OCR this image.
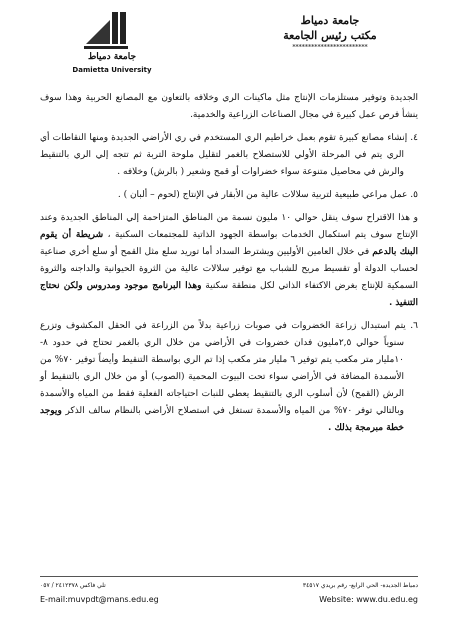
جامعة دمياط
Damietta University
جامعة دمياط
مكتب رئيس الجامعة
************************

الجديدة وتوفير مستلزمات الإنتاج مثل ماكينات الري وخلافه بالتعاون مع المصانع الحربية وهذا سوف ينشأ فرص عمل كبيرة في مجال الصناعات الزراعية والخدمية.

٤. إنشاء مصانع كبيرة تقوم بعمل خراطيم الري المستخدم في ري الأراضي الجديدة ومنها النقاطات أي الري يتم في المرحلة الأولي للاستصلاح بالغمر لتقليل ملوحة التربة ثم تتجه إلي الري بالتنقيط والرش في محاصيل متنوعة سواء خضراوات أو قمح وشعير ( بالرش) وخلافه .

٥. عمل مراعي طبيعية لتربية سلالات عالية من الأبقار في الإنتاج (لحوم – ألبان ) .

و هذا الاقتراح سوف ينقل حوالي ١٠ مليون نسمة من المناطق المتزاحمة إلي المناطق الجديدة وعند الإنتاج سوف يتم استكمال الخدمات بواسطة الجهود الذاتية للمجتمعات السكنية ، شريطة أن يقوم البنك بالدعم في خلال العامين الأوليين ويشترط السداد أما توريد سلع مثل القمح أو سلع أخري صناعية لحساب الدولة أو تقسيط مريح للشباب مع توفير سلالات عالية من الثروة الحيوانية والداجنه والثروة السمكية للإنتاج بغرض الاكتفاء الذاتي لكل منطقة سكنية وهذا البرنامج موجود ومدروس ولكن نحتاج التنفيذ .

٦. يتم استبدال زراعة الخضروات في صوبات زراعية بدلاً من الزراعة في الحقل المكشوف وتزرع سنوياً حوالي ٢,٥مليون فدان خضروات في الأراضي من خلال الري بالغمر تحتاج في حدود ٨- ١٠مليار متر مكعب يتم توفير ٦ مليار متر مكعب إذا تم الري بواسطة التنقيط وأيضاً توفير ٧٠% من الأسمدة المضافة في الأراضي سواء تحت البيوت المحمية (الصوب) أو من خلال الري بالتنقيط أو الرش (القمح) لأن أسلوب الري بالتنقيط يعطي للنبات احتياجاته الفعلية فقط من المياه والأسمدة وبالتالي توفر ٧٠% من المياه والأسمدة تستغل في استصلاح الأراضي بالنظام سالف الذكر ويوجد خطة مبرمجة بذلك .

دمياط الجديدة- الحي الرابع- رقم بريدي ٣٤٥١٧
تلي فاكس ٢٤١٢٣٧٨ / ٠٥٧
E-mail:muvpdt@mans.edu.eg	Website: www.du.edu.eg
